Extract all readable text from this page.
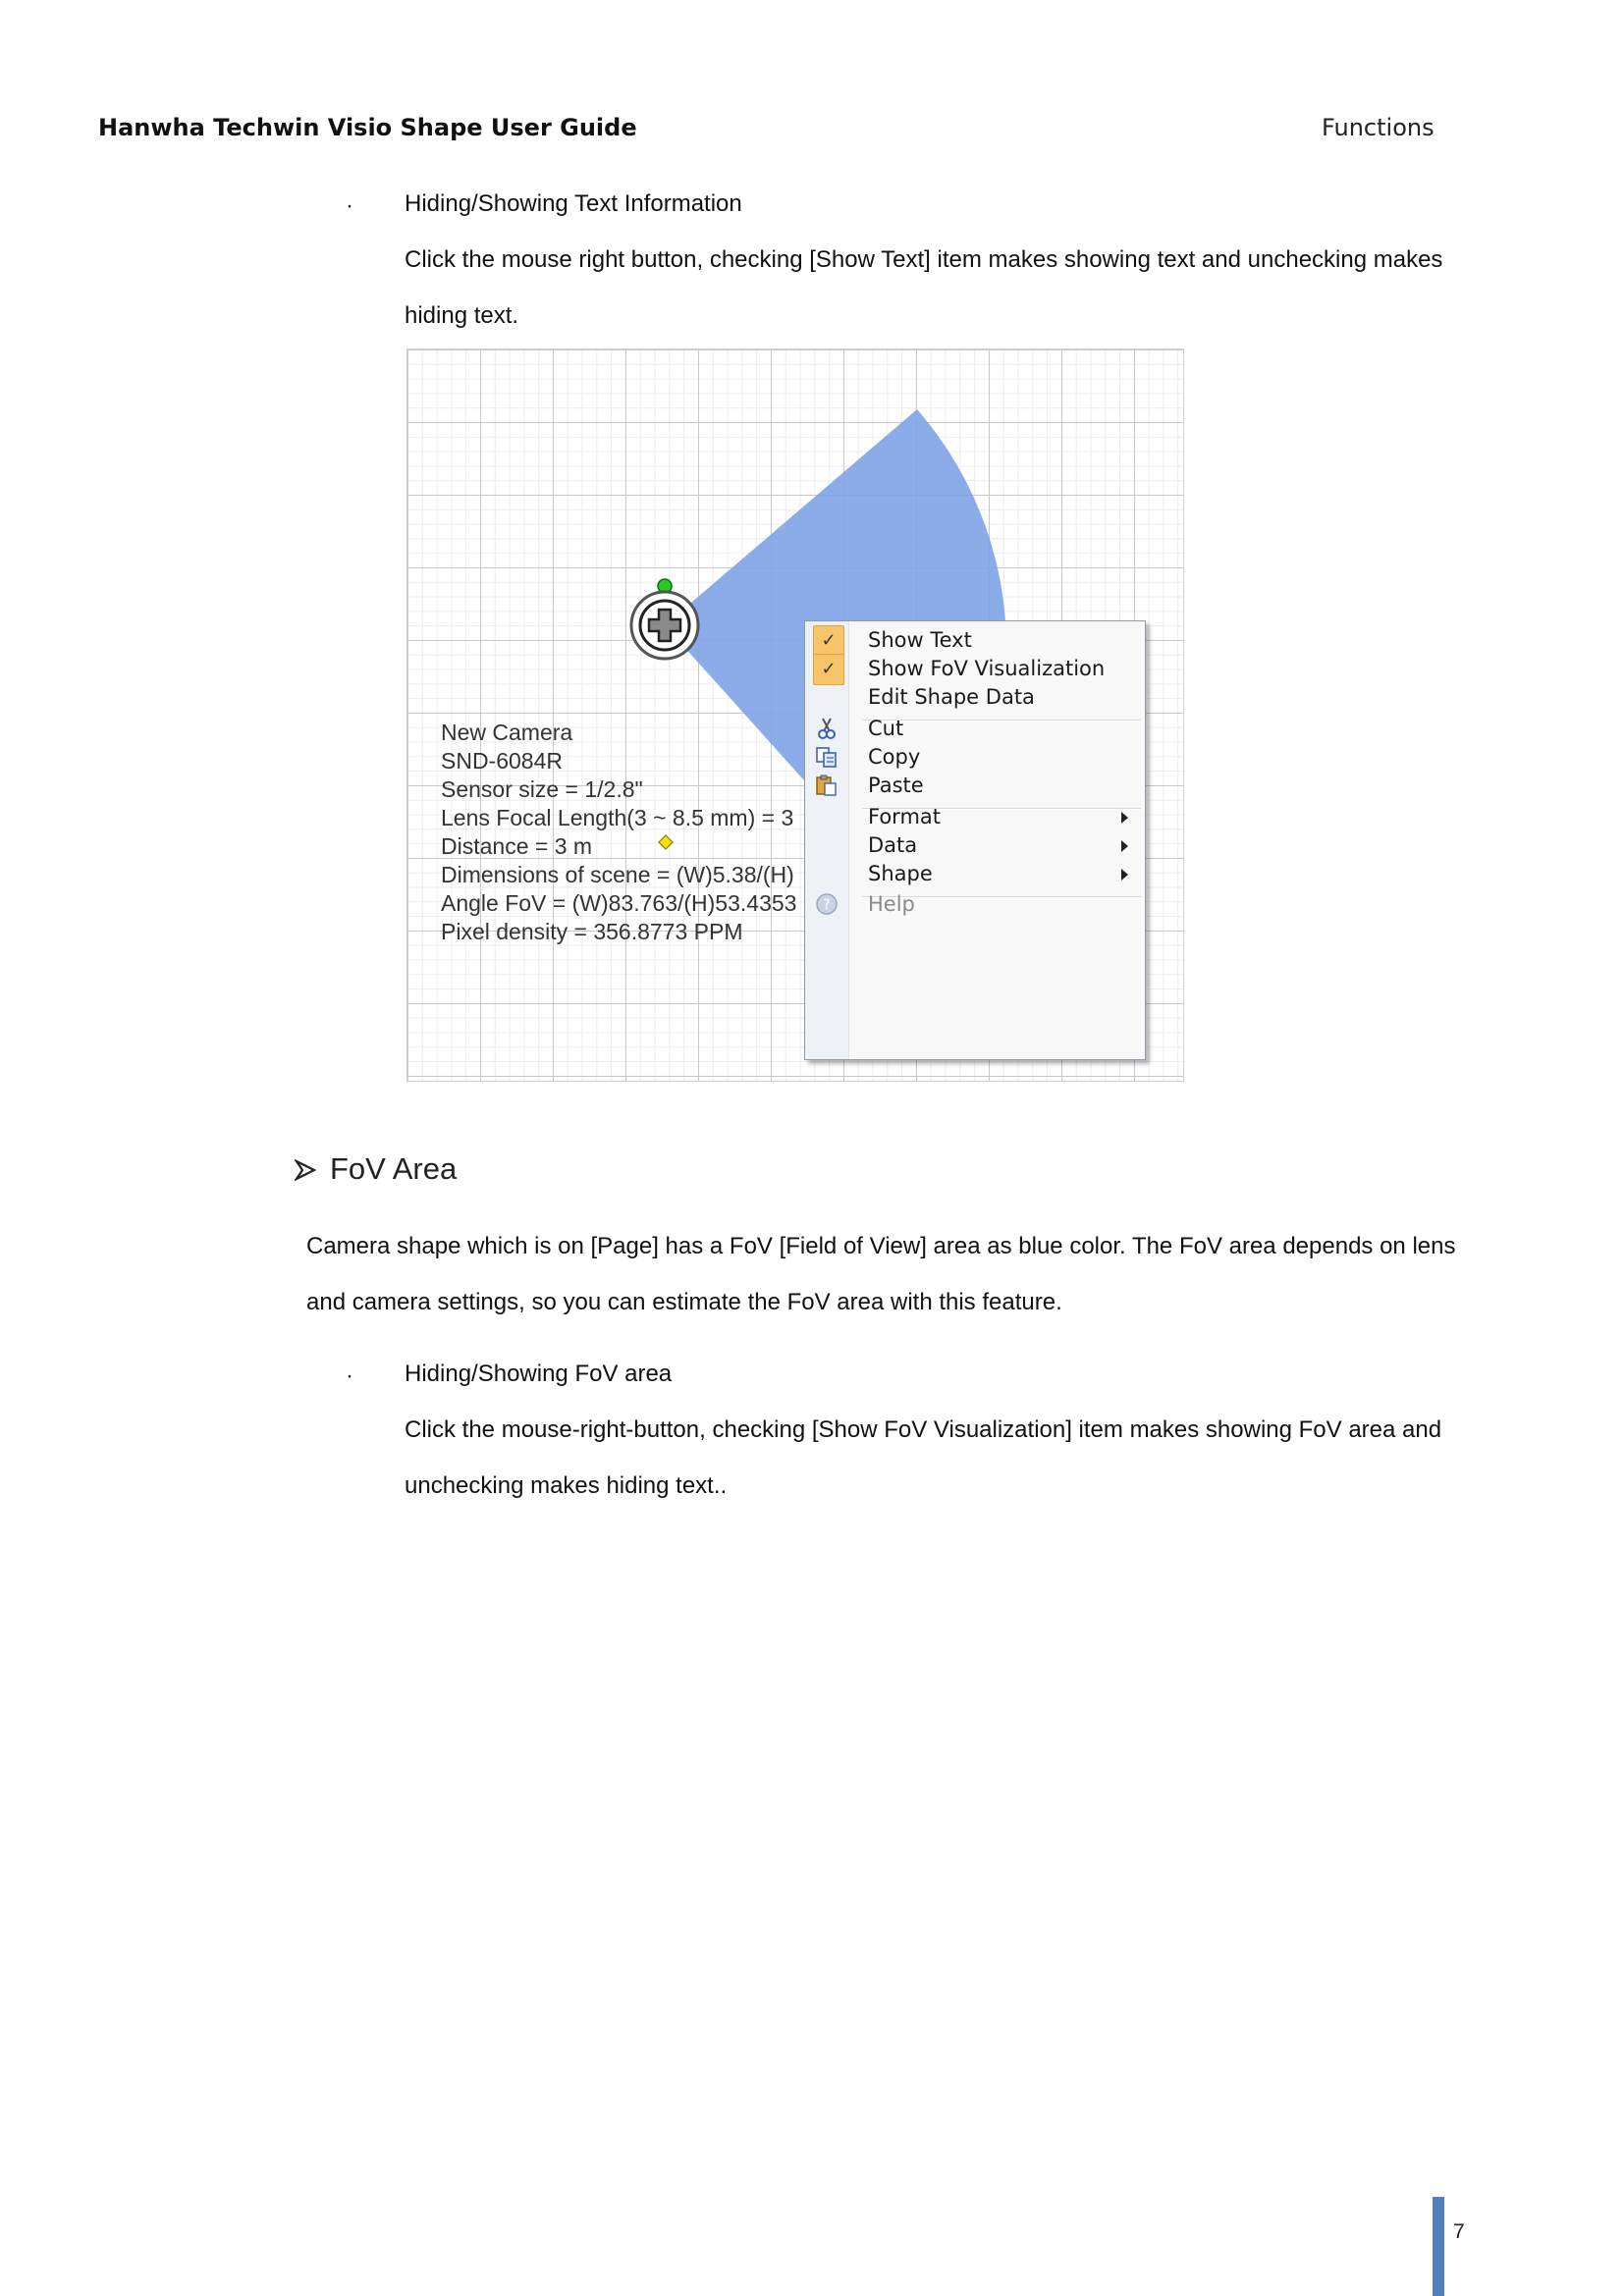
Hanwha Techwin Visio Shape User Guide	Functions
· Hiding/Showing Text Information
Click the mouse right button, checking [Show Text] item makes showing text and unchecking makes
hiding text.
New Camera
SND-6084R
Sensor size = 1/2.8"
Lens Focal Length(3 ~ 8.5 mm) = 3
Distance = 3 m
Dimensions of scene = (W)5.38/(H)
Angle FoV = (W)83.763/(H)53.4353
Pixel density = 356.8773 PPM
✓	Show Text
✓	Show FoV Visualization
Edit Shape Data
Cut
Copy
Paste
Format
Data
Shape
? Help
FoV Area
Camera shape which is on [Page] has a FoV [Field of View] area as blue color. The FoV area depends on lens
and camera settings, so you can estimate the FoV area with this feature.
· Hiding/Showing FoV area
Click the mouse-right-button, checking [Show FoV Visualization] item makes showing FoV area and
unchecking makes hiding text..
7
